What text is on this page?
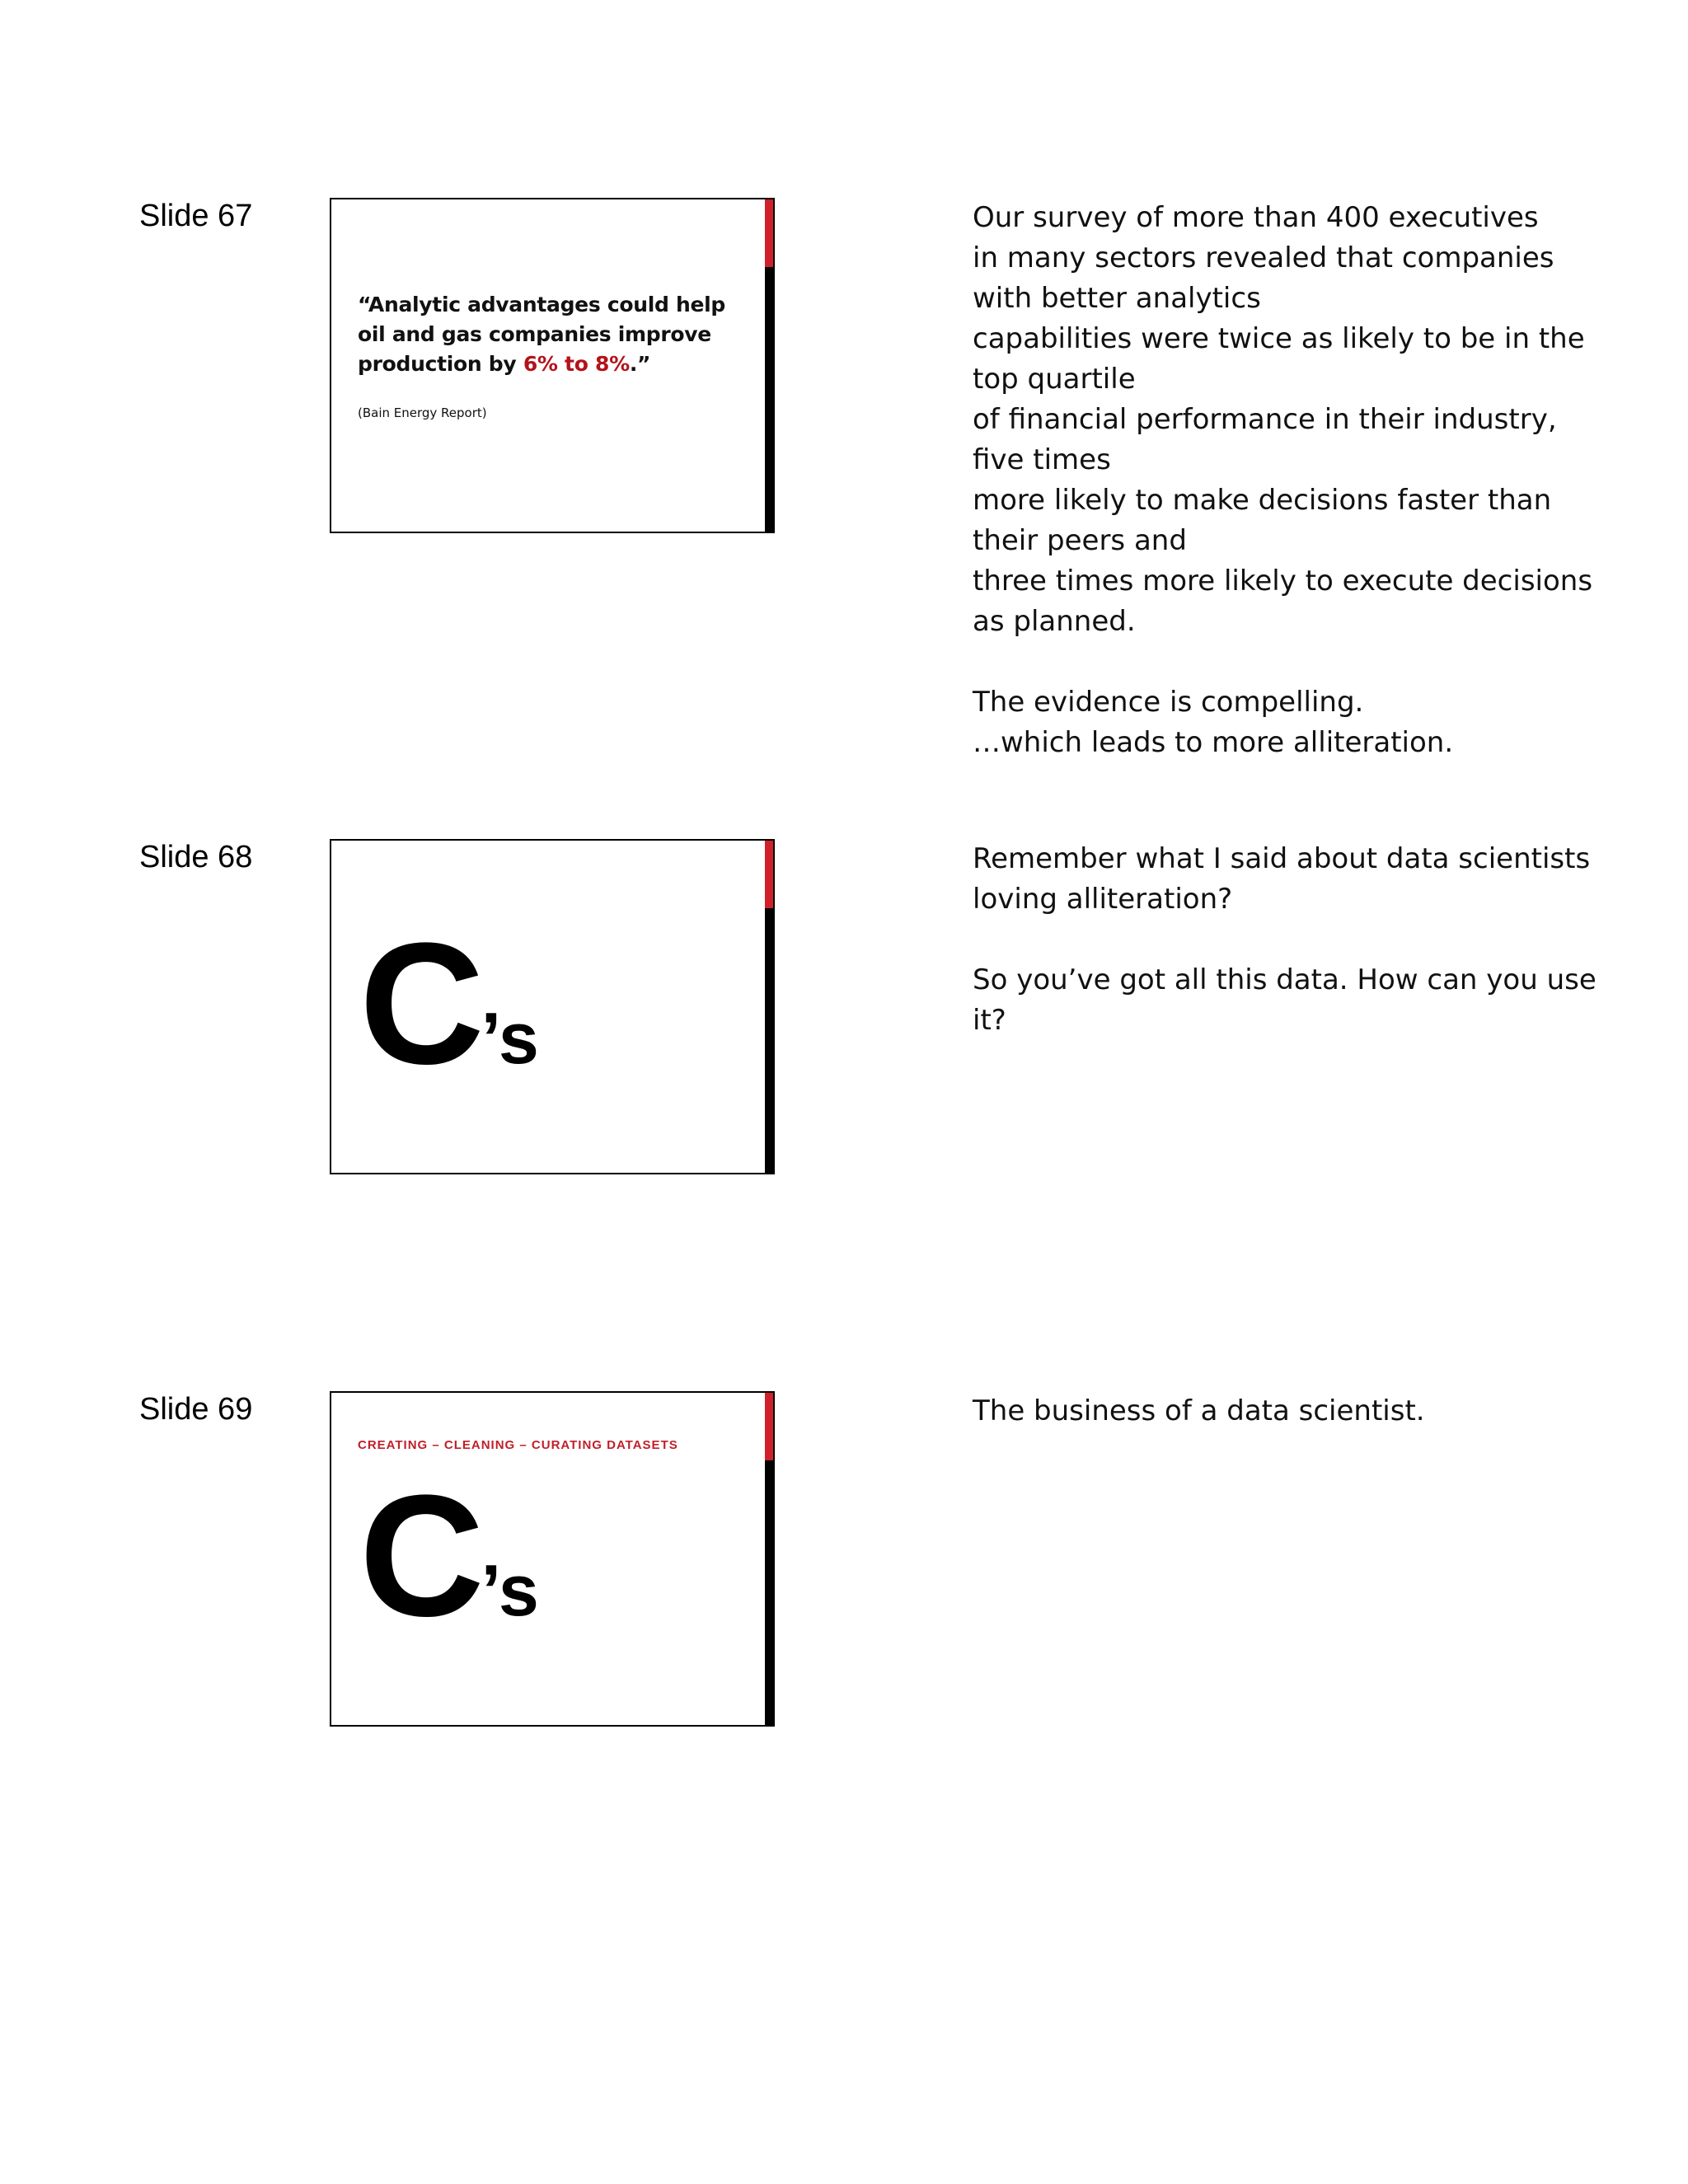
Slide 67
“Analytic advantages could help oil and gas companies improve production by 6% to 8%.”
(Bain Energy Report)
Our survey of more than 400 executives
in many sectors revealed that companies with better analytics
capabilities were twice as likely to be in the top quartile
of financial performance in their industry, five times
more likely to make decisions faster than their peers and
three times more likely to execute decisions as planned.

The evidence is compelling.
…which leads to more alliteration.
Slide 68
C’s
Remember what I said about data scientists loving alliteration?

So you’ve got all this data. How can you use it?
Slide 69
CREATING – CLEANING – CURATING DATASETS
C’s
The business of a data scientist.
